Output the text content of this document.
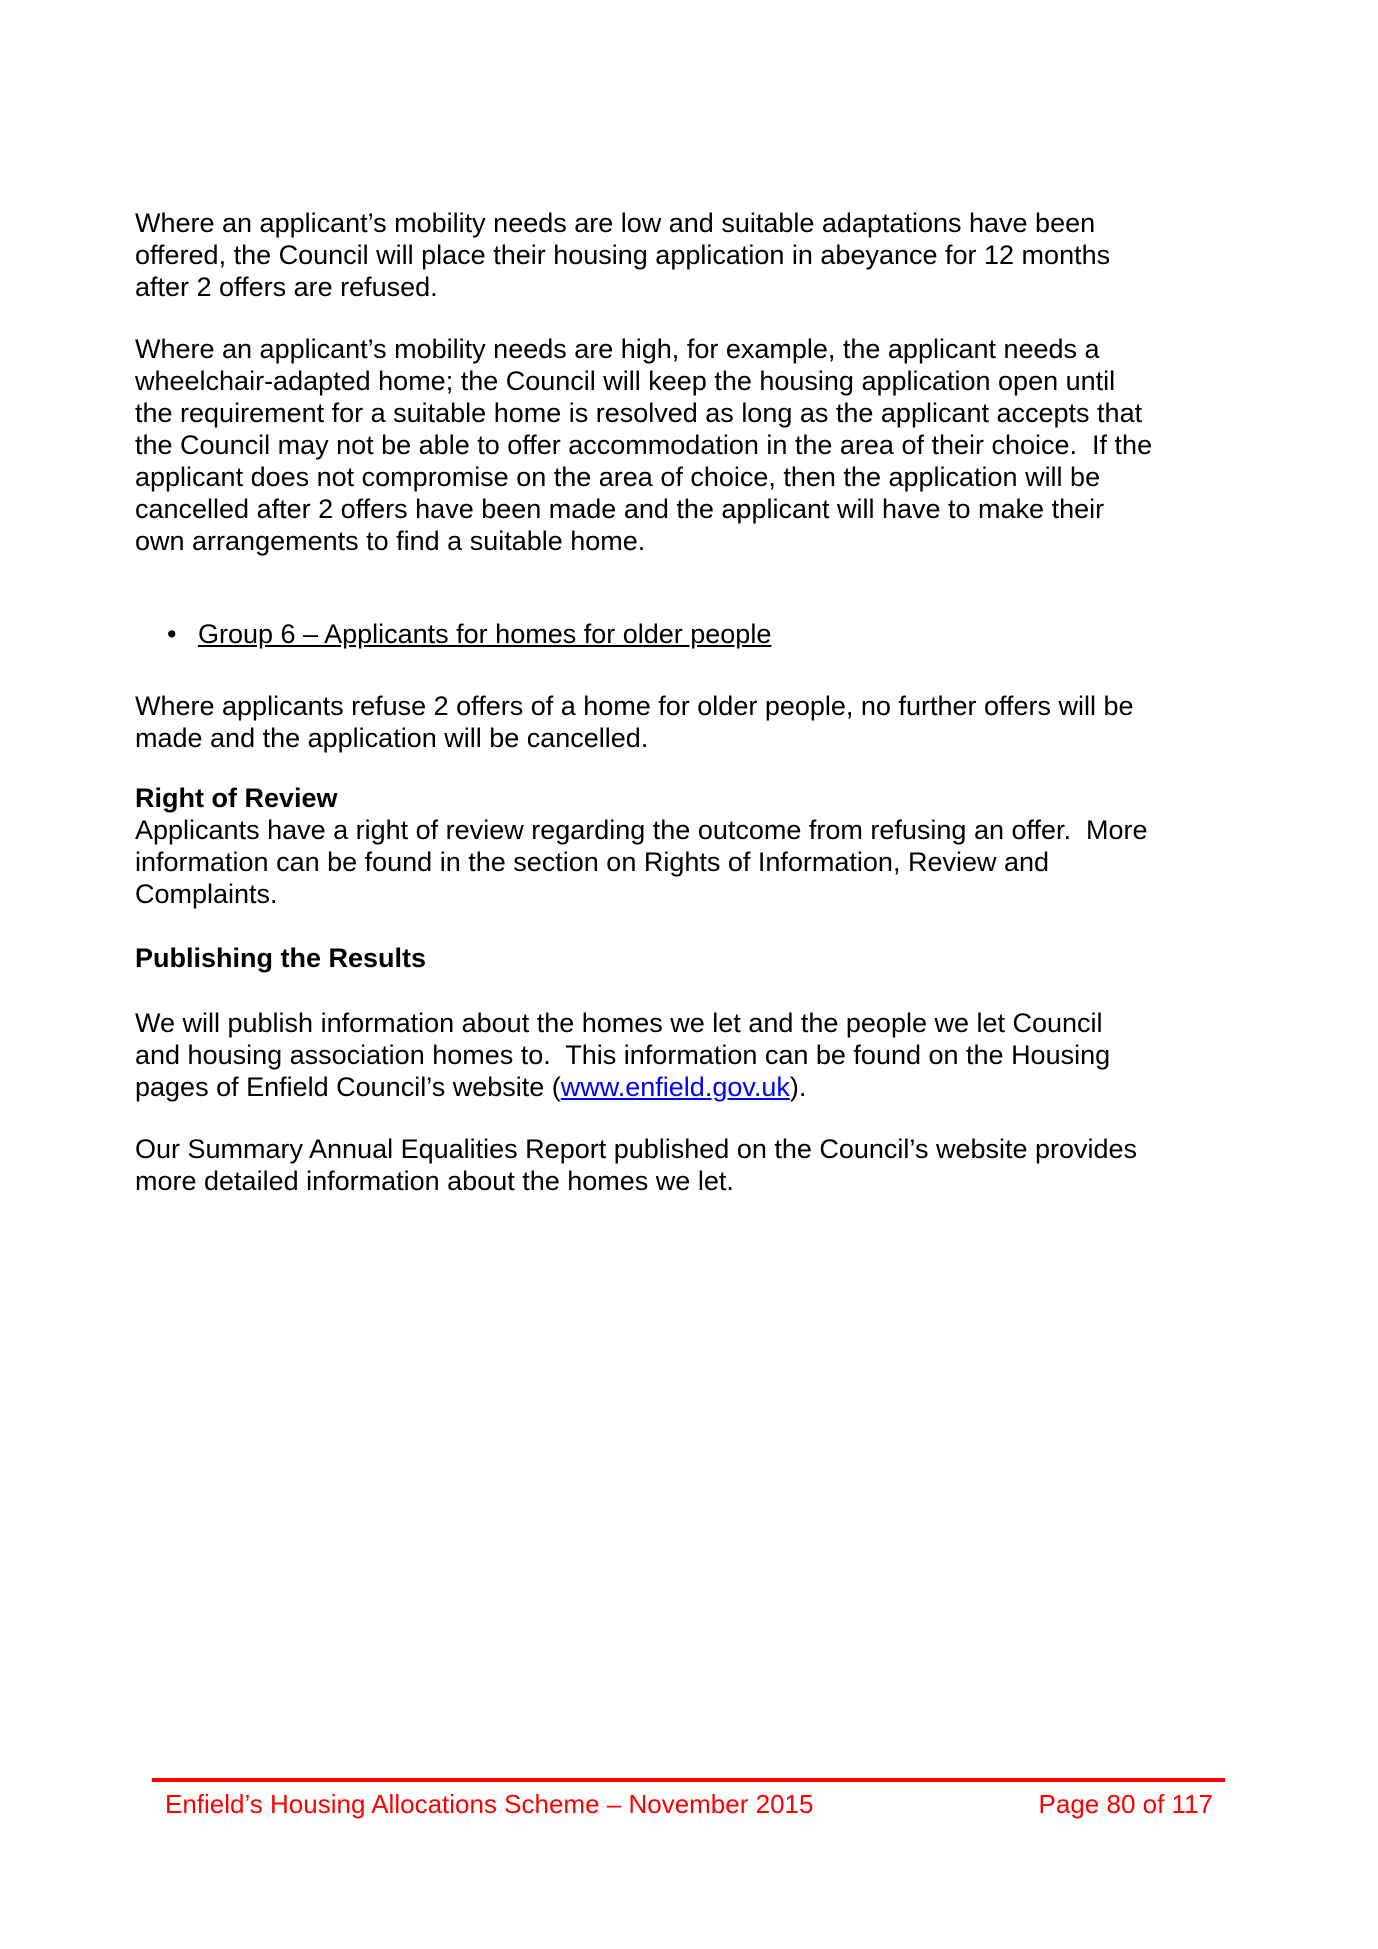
Where an applicant’s mobility needs are low and suitable adaptations have been
offered, the Council will place their housing application in abeyance for 12 months
after 2 offers are refused.
Where an applicant’s mobility needs are high, for example, the applicant needs a
wheelchair-adapted home; the Council will keep the housing application open until
the requirement for a suitable home is resolved as long as the applicant accepts that
the Council may not be able to offer accommodation in the area of their choice.  If the
applicant does not compromise on the area of choice, then the application will be
cancelled after 2 offers have been made and the applicant will have to make their
own arrangements to find a suitable home.
• Group 6 – Applicants for homes for older people
Where applicants refuse 2 offers of a home for older people, no further offers will be
made and the application will be cancelled.
Right of Review
Applicants have a right of review regarding the outcome from refusing an offer.  More
information can be found in the section on Rights of Information, Review and
Complaints.
Publishing the Results
We will publish information about the homes we let and the people we let Council
and housing association homes to.  This information can be found on the Housing
pages of Enfield Council’s website (www.enfield.gov.uk).
Our Summary Annual Equalities Report published on the Council’s website provides
more detailed information about the homes we let.
Enfield’s Housing Allocations Scheme – November 2015	Page 80 of 117
